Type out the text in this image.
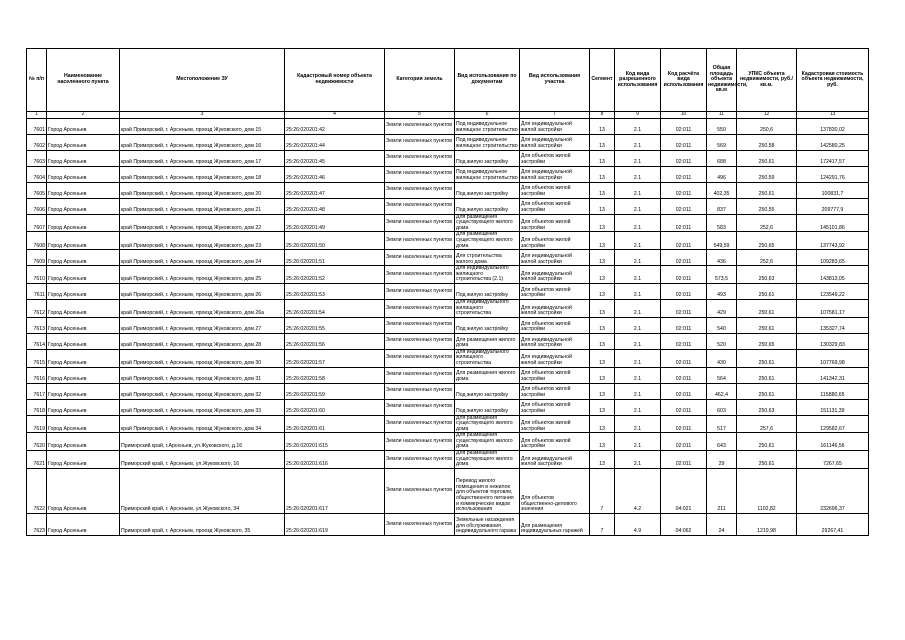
№ п/п	Наименование населенного пункта	Местоположение ЗУ	Кадастровый номер объекта недвижимости	Категория земель	Вид использования по документам	Вид использования участка	Сегмент	Код вида разрешенного использования	Код расчёта вида использования	Общая площадь объекта недвижимости, кв.м	УПКС объекта недвижимости, руб./кв.м.	Кадастровая стоимость объекта недвижимости, руб.
1	2	3	4	5	6	7	8	9	10	11	12	13
7601	Город Арсеньев	край Приморский, г. Арсеньев, проезд Жуковского, дом 15	25:26:020201:42	Земли населенных пунктов	Под индивидуальное жилищное строительство	Для индивидуальной жилой застройки	13	2.1	02:011	550	250,6	137830,02
7602	Город Арсеньев	край Приморский, г. Арсеньев, проезд Жуковского, дом 16	25:26:020201:44	Земли населенных пунктов	Под индивидуальное жилищное строительство	Для индивидуальной жилой застройки	13	2.1	02:011	569	250,58	142580,25
7603	Город Арсеньев	край Приморский, г. Арсеньев, проезд Жуковского, дом 17	25:26:020201:45	Земли населенных пунктов	Под жилую застройку	Для объектов жилой застройки	13	2.1	02:011	688	250,61	172417,57
7604	Город Арсеньев	край Приморский, г. Арсеньев, проезд Жуковского, дом 18	25:26:020201:46	Земли населенных пунктов	Под индивидуальное жилищное строительство	Для индивидуальной жилой застройки	13	2.1	02:011	496	250,59	124291,76
7605	Город Арсеньев	край Приморский, г. Арсеньев, проезд Жуковского, дом 20	25:26:020201:47	Земли населенных пунктов	Под жилую застройку	Для объектов жилой застройки	13	2.1	02:011	402,35	250,61	100831,7
7606	Город Арсеньев	край Приморский, г. Арсеньев, проезд Жуковского, дом 21	25:26:020201:48	Земли населенных пунктов	Под жилую застройку	Для объектов жилой застройки	13	2.1	02:011	837	250,55	209777,9
7607	Город Арсеньев	край Приморский, г. Арсеньев, проезд Жуковского, дом 22	25:26:020201:49	Земли населенных пунктов	Для размещения существующего жилого дома	Для объектов жилой застройки	13	2.1	02:011	583	252,6	145101,86
7608	Город Арсеньев	край Приморский, г. Арсеньев, проезд Жуковского, дом 23	25:26:020201:50	Земли населенных пунктов	Для размещения существующего жилого дома	Для объектов жилой застройки	13	2.1	02:011	549,59	250,65	137743,92
7609	Город Арсеньев	край Приморский, г. Арсеньев, проезд Жуковского, дом 24	25:26:020201:51	Земли населенных пунктов	Для строительства жилого дома	Для индивидуальной жилой застройки	13	2.1	02:011	436	252,6	109283,65
7610	Город Арсеньев	край Приморский, г. Арсеньев, проезд Жуковского, дом 25	25:26:020201:52	Земли населенных пунктов	Для индивидуального жилищного строительства (2.1)	Для индивидуальной жилой застройки	13	2.1	02:011	573,5	250,63	143813,05
7611	Город Арсеньев	край Приморский, г. Арсеньев, проезд Жуковского, дом 26	25:26:020201:53	Земли населенных пунктов	Под жилую застройку	Для объектов жилой застройки	13	2.1	02:011	493	250,61	123549,22
7612	Город Арсеньев	край Приморский, г. Арсеньев, проезд Жуковского, дом 26а	25:26:020201:54	Земли населенных пунктов	Для индивидуального жилищного строительства	Для индивидуальной жилой застройки	13	2.1	02:011	429	250,61	107581,17
7613	Город Арсеньев	край Приморский, г. Арсеньев, проезд Жуковского, дом 27	25:26:020201:55	Земли населенных пунктов	Под жилую застройку	Для объектов жилой застройки	13	2.1	02:011	540	250,61	135327,74
7614	Город Арсеньев	край Приморский, г. Арсеньев, проезд Жуковского, дом 28	25:26:020201:56	Земли населенных пунктов	Для размещения жилого дома	Для индивидуальной жилой застройки	13	2.1	02:011	520	250,65	130329,83
7615	Город Арсеньев	край Приморский, г. Арсеньев, проезд Жуковского, дом 30	25:26:020201:57	Земли населенных пунктов	Для индивидуального жилищного строительства	Для индивидуальной жилой застройки	13	2.1	02:011	430	250,61	107769,98
7616	Город Арсеньев	край Приморский, г. Арсеньев, проезд Жуковского, дом 31	25:26:020201:58	Земли населенных пунктов	Для размещения жилого дома	Для объектов жилой застройки	13	2.1	02:011	564	250,61	141342,31
7617	Город Арсеньев	край Приморский, г. Арсеньев, проезд Жуковского, дом 32	25:26:020201:59	Земли населенных пунктов	Под жилую застройку	Для объектов жилой застройки	13	2.1	02:011	462,4	250,61	115880,65
7618	Город Арсеньев	край Приморский, г. Арсеньев, проезд Жуковского, дом 33	25:26:020201:60	Земли населенных пунктов	Под жилую застройку	Для объектов жилой застройки	13	2.1	02:011	603	250,63	151131,39
7619	Город Арсеньев	край Приморский, г. Арсеньев, проезд Жуковского, дом 34	25:26:020201:61	Земли населенных пунктов	Для размещения существующего жилого дома	Для объектов жилой застройки	13	2.1	02:011	517	257,6	129582,67
7620	Город Арсеньев	Приморский край, г.Арсеньев, ул.Жуковского, д.16	25:26:020201:615	Земли населенных пунктов	Для размещения существующего жилого дома	Для объектов жилой застройки	13	2.1	02:011	643	250,61	161146,56
7621	Город Арсеньев	Приморский край, г. Арсеньев, ул.Жуковского, 16	25:26:020201:616	Земли населенных пунктов	Для размещения существующего жилого дома	Для индивидуальной жилой застройки	13	2.1	02:011	29	250,61	7267,65
7622	Город Арсеньев	Приморский край, г. Арсеньев, ул.Жуковского, 34	25:26:020201:617	Земли населенных пунктов	Перевод жилого помещения в нежилое для объектов торговли, общественного питания и коммерческих видов использования	Для объектов общественно-делового значения	7	4.2	04:021	211	1102,82	232696,37
7623	Город Арсеньев	Приморский край, г. Арсеньев, проезд Жуковского, 35	25:26:020201:619	Земли населенных пунктов	Земельные насаждения для обслуживания индивидуального гаража	Для размещения индивидуальных гаражей	7	4.9	04:062	24	1219,98	29267,41
